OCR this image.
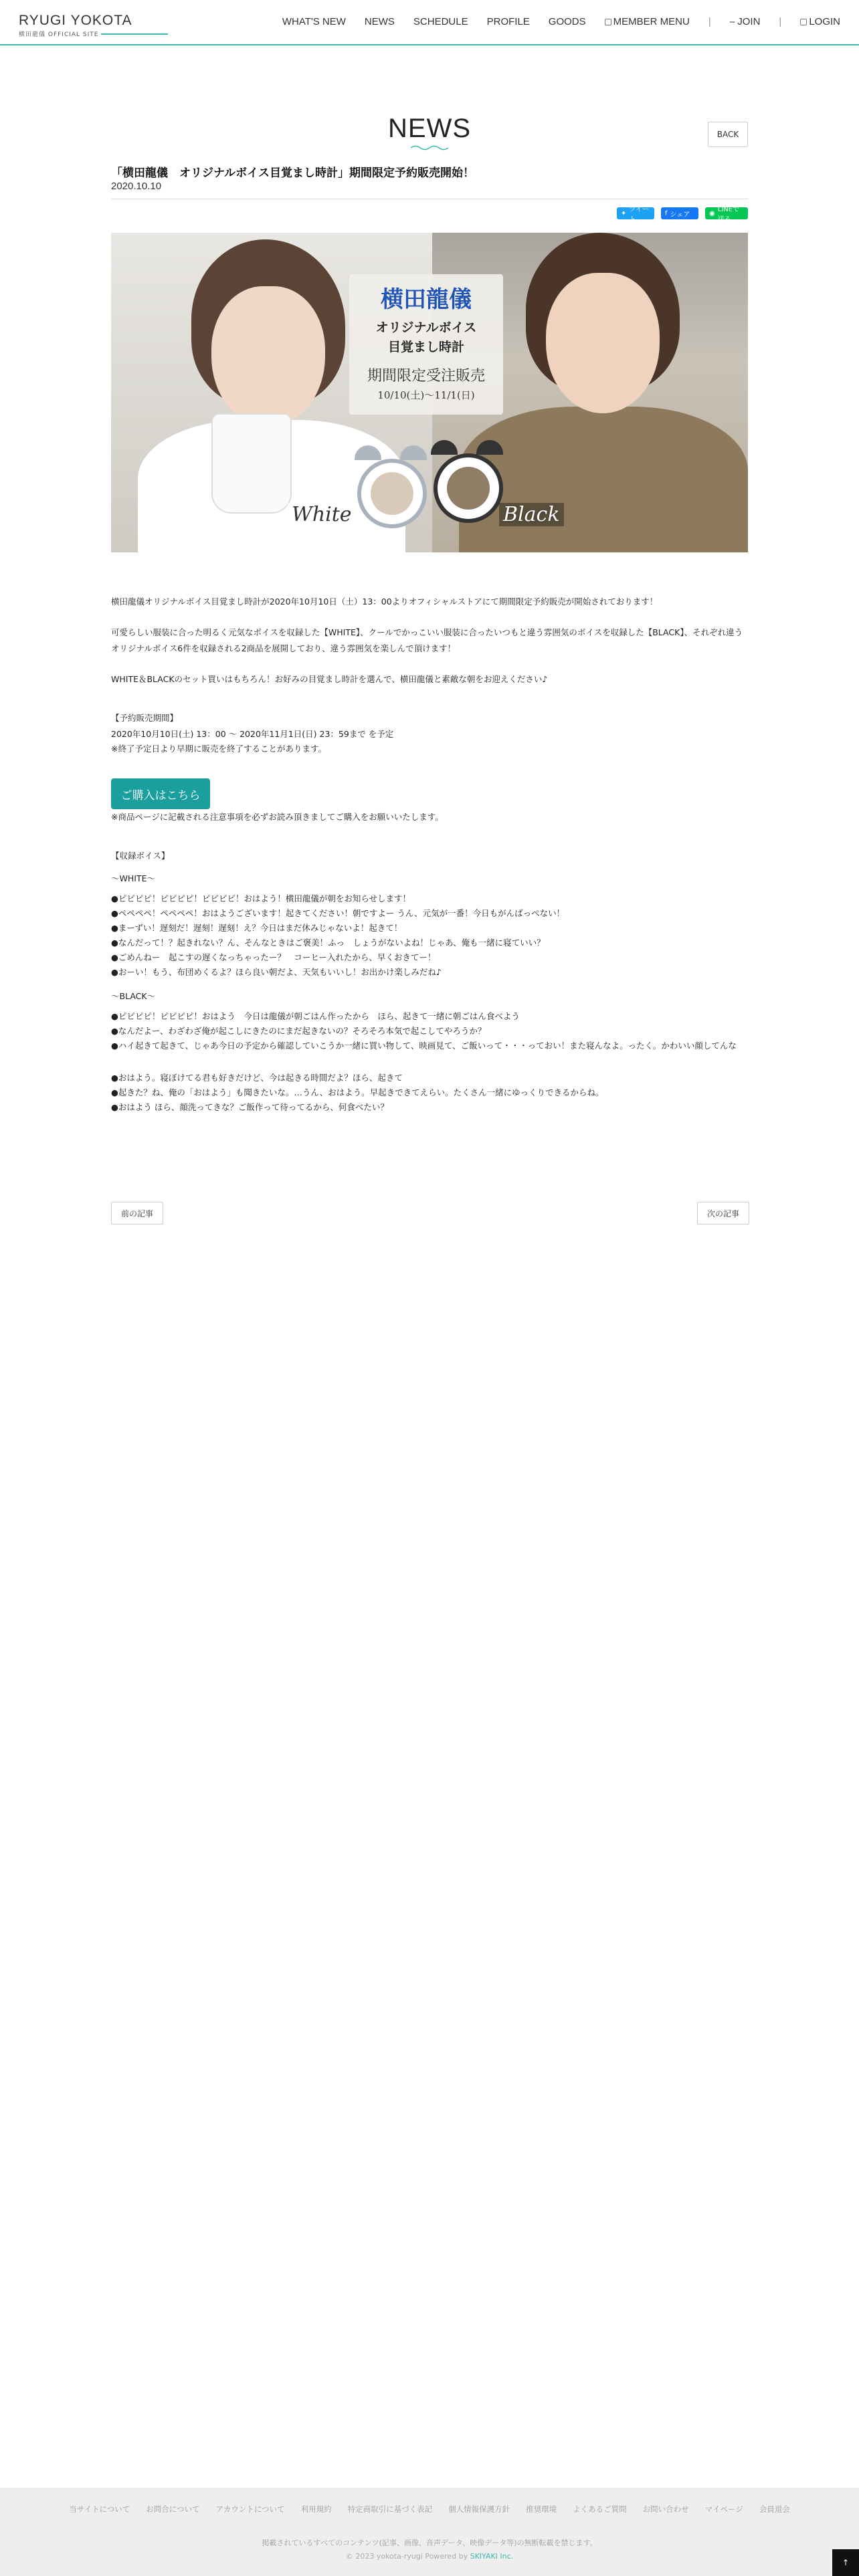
RYUGI YOKOTA
横田龍儀 OFFICIAL SITE
WHAT'S NEW NEWS SCHEDULE PROFILE GOODS	MEMBER MENU | ⎯ JOIN |	LOGIN
NEWS	BACK
「横田龍儀　オリジナルボイス目覚まし時計」期間限定予約販売開始！
2020.10.10
✦ ツイート
f シェア	◉ LINEで送る
横田龍儀
オリジナルボイス
目覚まし時計
期間限定受注販売
10/10(土)～11/1(日)
White	Black
横田龍儀オリジナルボイス目覚まし時計が2020年10月10日（土）13：00よりオフィシャルストアにて期間限定予約販売が開始されております！
可愛らしい服装に合った明るく元気なボイスを収録した【WHITE】、クールでかっこいい服装に合ったいつもと違う雰囲気のボイスを収録した【BLACK】、それぞれ違うオリジナルボイス6件を収録される2商品を展開しており、違う雰囲気を楽しんで頂けます！
WHITE＆BLACKのセット買いはもちろん！お好みの目覚まし時計を選んで、横田龍儀と素敵な朝をお迎えください♪
【予約販売期間】
2020年10月10日(土) 13：00 ～ 2020年11月1日(日) 23：59まで を予定
※終了予定日より早期に販売を終了することがあります。
ご購入はこちら
※商品ページに記載される注意事項を必ずお読み頂きましてご購入をお願いいたします。
【収録ボイス】
〜WHITE〜
●ピピピピ！ピピピピ！ピピピピ！おはよう！横田龍儀が朝をお知らせします！
●ペペペペ！ペペペペ！おはようございます！起きてください！朝ですよー うん、元気が一番！今日もがんばっぺない！
●まーずい！遅刻だ！遅刻！遅刻！え？今日はまだ休みじゃないよ！起きて！
●なんだって！？起きれない？ん、そんなときはご褒美！ふっ　しょうがないよね！じゃあ、俺も一緒に寝ていい？
●ごめんねー　起こすの遅くなっちゃったー？　コーヒー入れたから、早くおきてー！
●おーい！もう、布団めくるよ？ほら良い朝だよ、天気もいいし！お出かけ楽しみだね♪
〜BLACK〜
●ピピピピ！ピピピピ！おはよう　今日は龍儀が朝ごはん作ったから　ほら、起きて一緒に朝ごはん食べよう
●なんだよー、わざわざ俺が起こしにきたのにまだ起きないの？そろそろ本気で起こしてやろうか？
●ハイ起きて起きて、じゃあ今日の予定から確認していこうか一緒に買い物して、映画見て、ご飯いって・・・っておい！また寝んなよ。ったく。かわいい顔してんな
●おはよう。寝ぼけてる君も好きだけど、今は起きる時間だよ？ほら、起きて
●起きた？ね、俺の「おはよう」も聞きたいな。…うん、おはよう。早起きできてえらい。たくさん一緒にゆっくりできるからね。
●おはよう ほら、顔洗ってきな？ご飯作って待ってるから、何食べたい？
前の記事	次の記事
当サイトについて お問合について アカウントについて 利用規約 特定商取引に基づく表記 個人情報保護方針 推奨環境 よくあるご質問 お問い合わせ マイページ 会員退会
掲載されているすべてのコンテンツ(記事、画像、音声データ、映像データ等)の無断転載を禁じます。
© 2023 yokota-ryugi Powered by SKIYAKI Inc.
↑
